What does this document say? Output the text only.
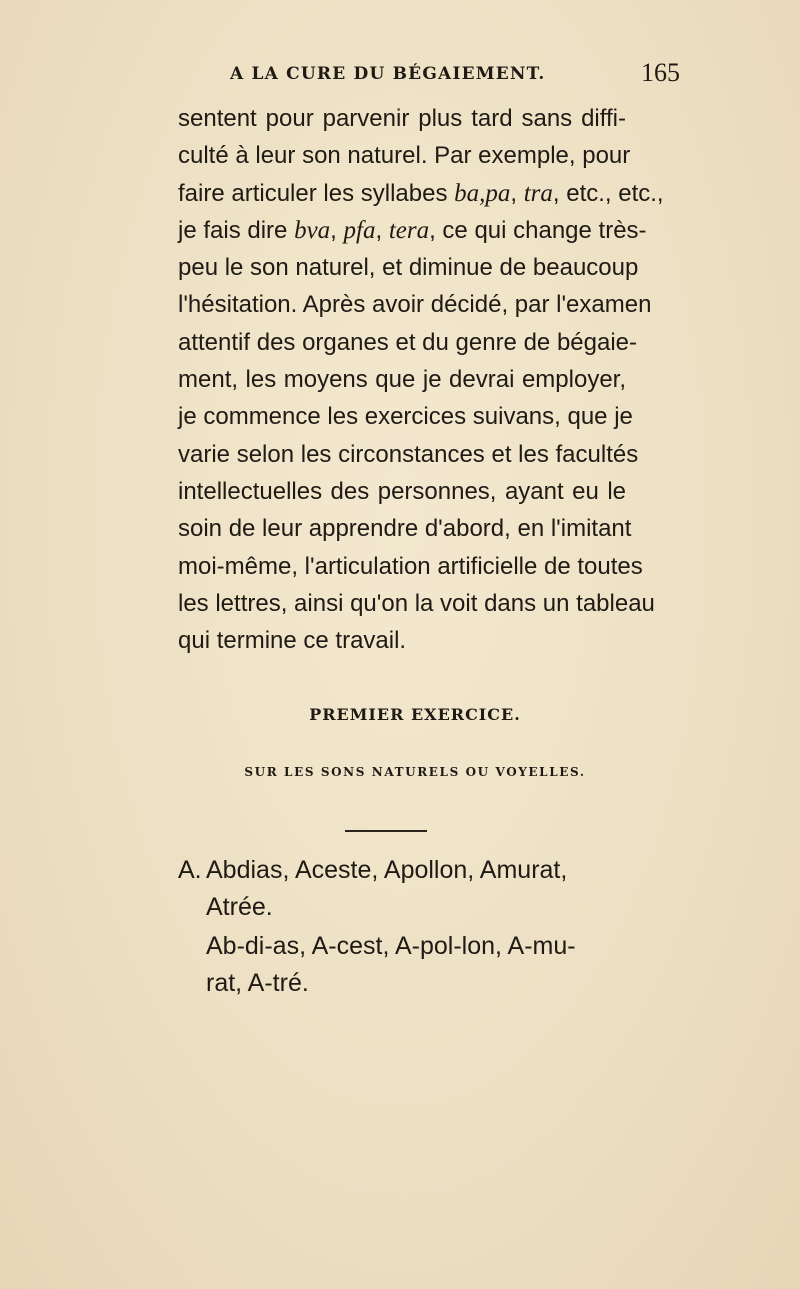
A LA CURE DU BÉGAIEMENT.	165
sentent pour parvenir plus tard sans diffi-
culté à leur son naturel. Par exemple, pour
faire articuler les syllabes ba,pa, tra, etc., etc.,
je fais dire bva, pfa, tera, ce qui change très-
peu le son naturel, et diminue de beaucoup
l'hésitation. Après avoir décidé, par l'examen
attentif des organes et du genre de bégaie-
ment, les moyens que je devrai employer,
je commence les exercices suivans, que je
varie selon les circonstances et les facultés
intellectuelles des personnes, ayant eu le
soin de leur apprendre d'abord, en l'imitant
moi-même, l'articulation artificielle de toutes
les lettres, ainsi qu'on la voit dans un tableau
qui termine ce travail.
PREMIER EXERCICE.
SUR LES SONS NATURELS OU VOYELLES.
A. Abdias, Aceste, Apollon, Amurat,
Atrée.
Ab-di-as, A-cest, A-pol-lon, A-mu-
rat, A-tré.
